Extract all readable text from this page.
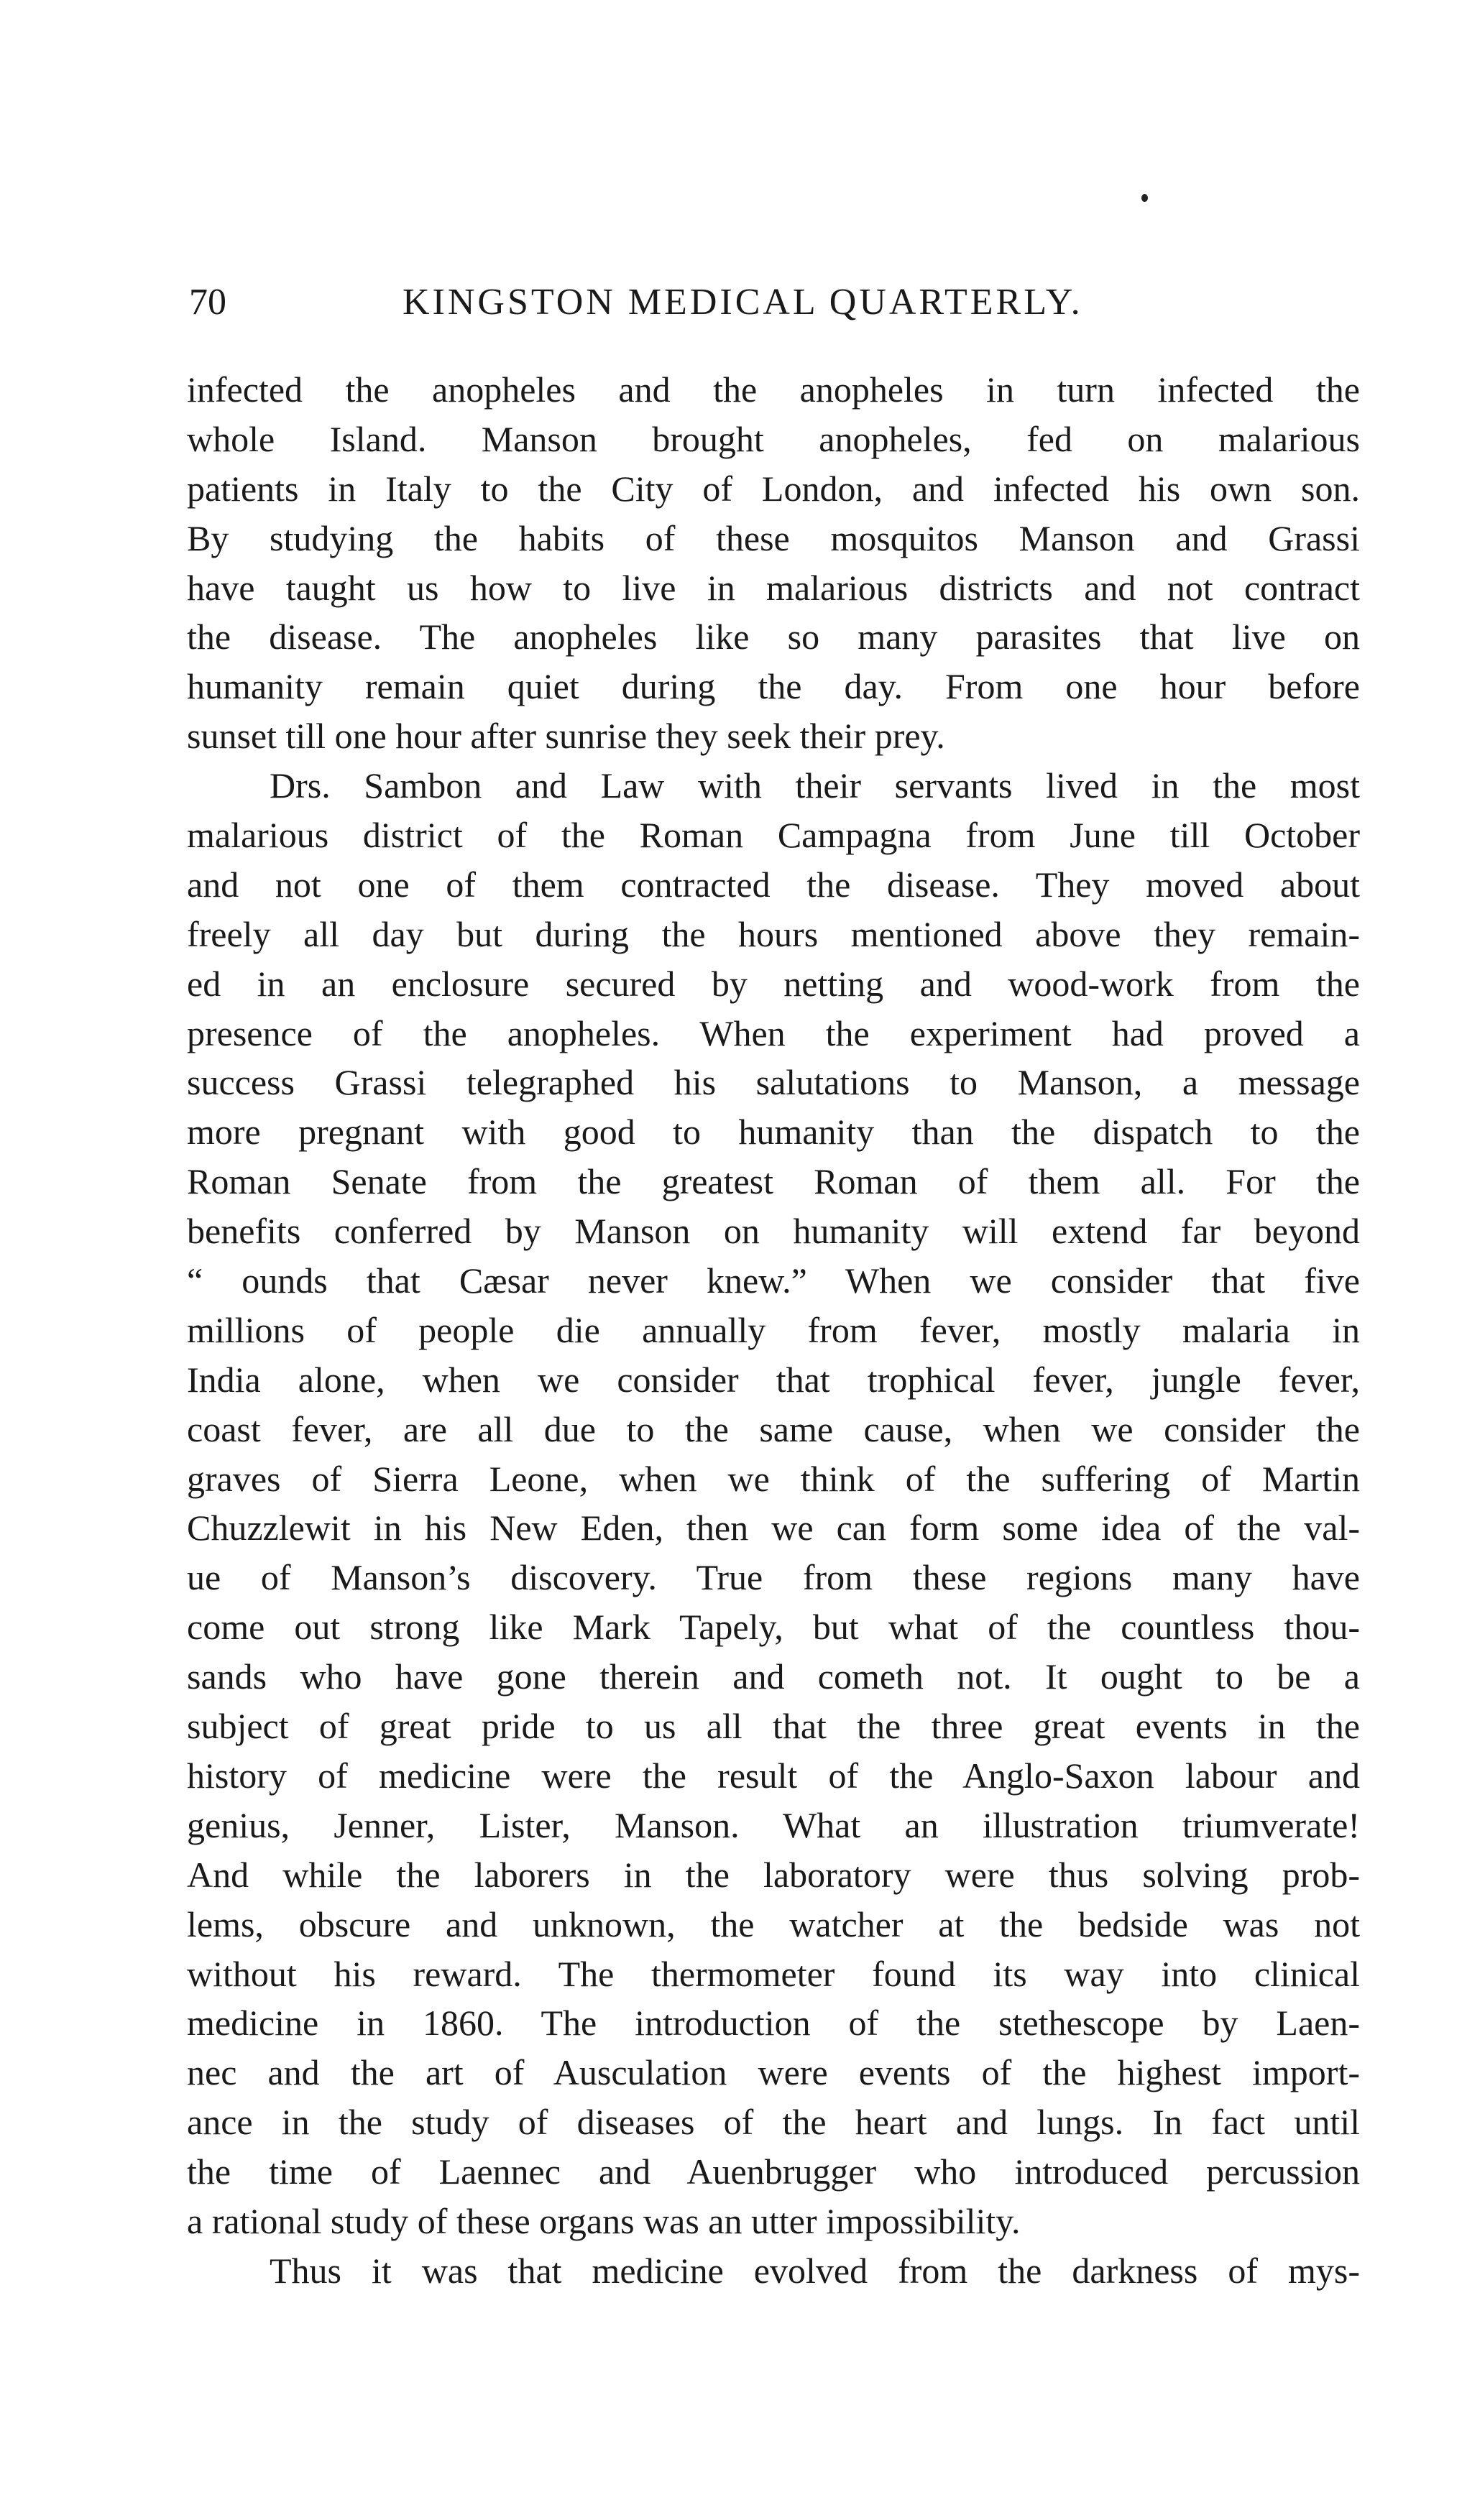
70	KINGSTON MEDICAL QUARTERLY.
infected the anopheles and the anopheles in turn infected the
whole Island. Manson brought anopheles, fed on malarious
patients in Italy to the City of London, and infected his own son.
By studying the habits of these mosquitos Manson and Grassi
have taught us how to live in malarious districts and not contract
the disease. The anopheles like so many parasites that live on
humanity remain quiet during the day. From one hour before
sunset till one hour after sunrise they seek their prey.
Drs. Sambon and Law with their servants lived in the most
malarious district of the Roman Campagna from June till October
and not one of them contracted the disease. They moved about
freely all day but during the hours mentioned above they remain-
ed in an enclosure secured by netting and wood-work from the
presence of the anopheles. When the experiment had proved a
success Grassi telegraphed his salutations to Manson, a message
more pregnant with good to humanity than the dispatch to the
Roman Senate from the greatest Roman of them all. For the
benefits conferred by Manson on humanity will extend far beyond
“ ounds that Cæsar never knew.” When we consider that five
millions of people die annually from fever, mostly malaria in
India alone, when we consider that trophical fever, jungle fever,
coast fever, are all due to the same cause, when we consider the
graves of Sierra Leone, when we think of the suffering of Martin
Chuzzlewit in his New Eden, then we can form some idea of the val-
ue of Manson’s discovery. True from these regions many have
come out strong like Mark Tapely, but what of the countless thou-
sands who have gone therein and cometh not. It ought to be a
subject of great pride to us all that the three great events in the
history of medicine were the result of the Anglo-Saxon labour and
genius, Jenner, Lister, Manson. What an illustration triumverate!
And while the laborers in the laboratory were thus solving prob-
lems, obscure and unknown, the watcher at the bedside was not
without his reward. The thermometer found its way into clinical
medicine in 1860. The introduction of the stethescope by Laen-
nec and the art of Ausculation were events of the highest import-
ance in the study of diseases of the heart and lungs. In fact until
the time of Laennec and Auenbrugger who introduced percussion
a rational study of these organs was an utter impossibility.
Thus it was that medicine evolved from the darkness of mys-
